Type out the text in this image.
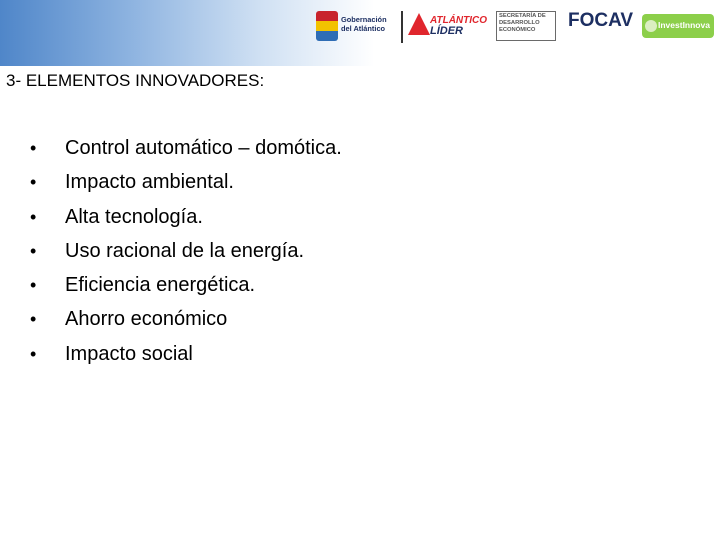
Gobernación del Atlántico
ATLÁNTICO
LÍDER
SECRETARÍA DE DESARROLLO ECONÓMICO	FOCAV	InvestInnova
3- ELEMENTOS INNOVADORES:
•	Control automático – domótica.
•	Impacto ambiental.
•	Alta tecnología.
•	Uso racional de la energía.
•	Eficiencia energética.
•	Ahorro económico
•	Impacto social
